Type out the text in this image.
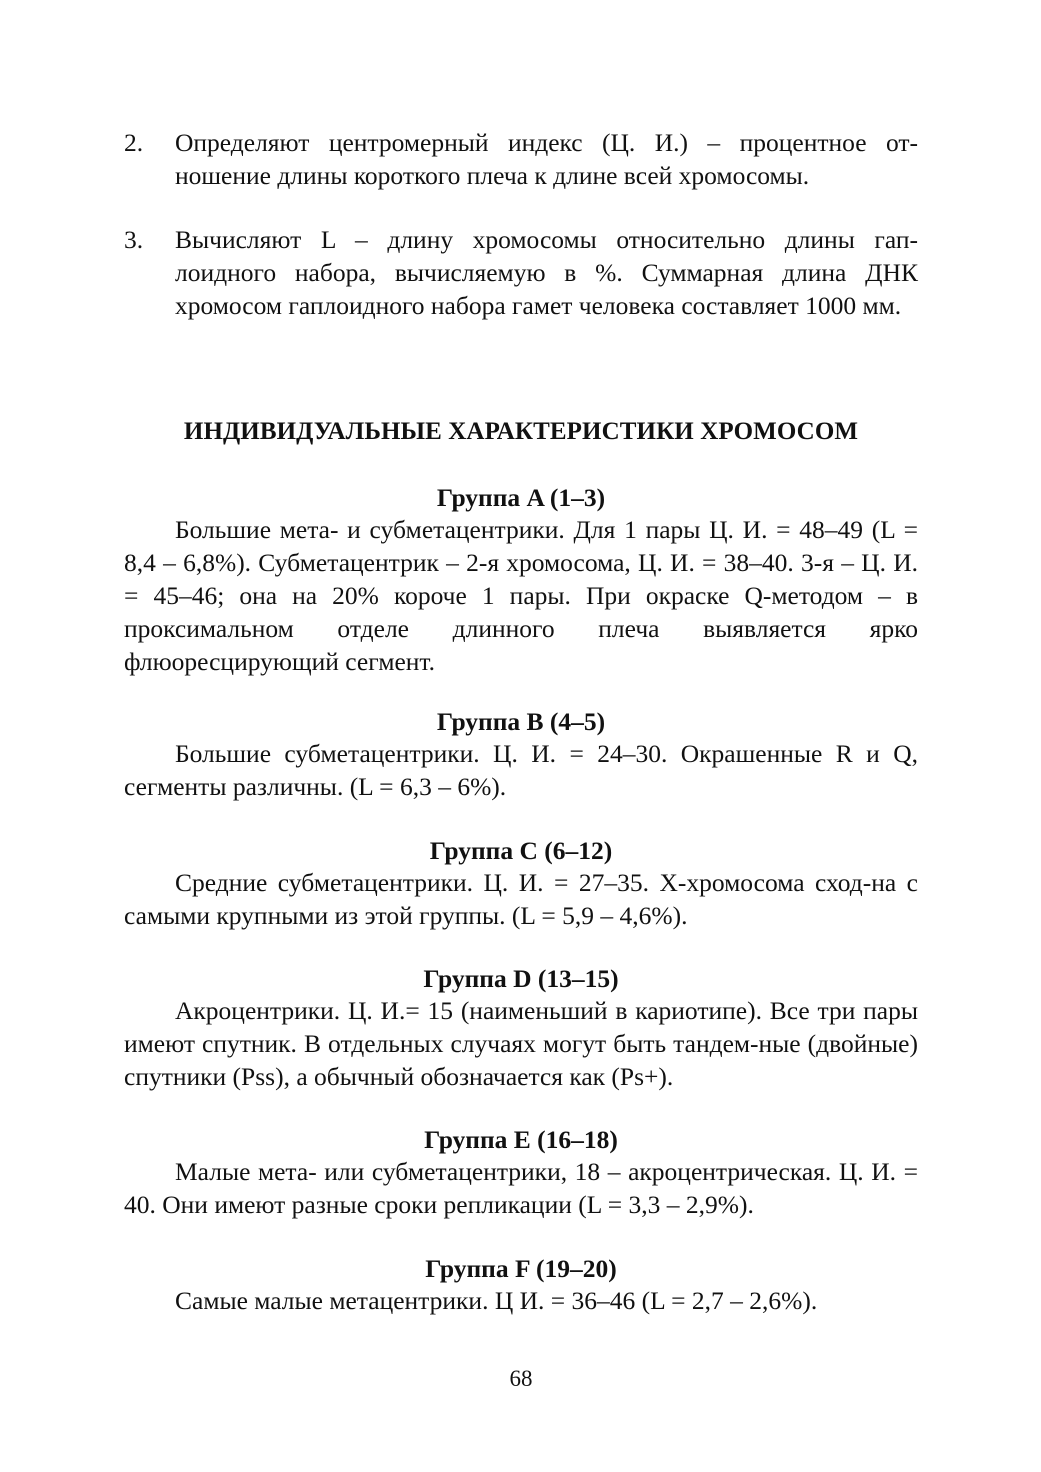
2.	Определяют центромерный индекс (Ц. И.) – процентное от-ношение длины короткого плеча к длине всей хромосомы.
3.	Вычисляют L – длину хромосомы относительно длины гап-лоидного набора, вычисляемую в %. Суммарная длина ДНК хромосом гаплоидного набора гамет человека составляет 1000 мм.
ИНДИВИДУАЛЬНЫЕ ХАРАКТЕРИСТИКИ ХРОМОСОМ
Группа A (1–3)

Большие мета- и субметацентрики. Для 1 пары Ц. И. = 48–49 (L = 8,4 – 6,8%). Субметацентрик – 2-я хромосома, Ц. И. = 38–40. 3-я – Ц. И. = 45–46; она на 20% короче 1 пары. При окраске Q-методом – в проксимальном отделе длинного плеча выявляется ярко флюоресцирующий сегмент.

Группа B (4–5)

Большие субметацентрики. Ц. И. = 24–30. Окрашенные R и Q, сегменты различны. (L = 6,3 – 6%).

Группа C (6–12)

Средние субметацентрики. Ц. И. = 27–35. Х-хромосома сход-на с самыми крупными из этой группы. (L = 5,9 – 4,6%).

Группа D (13–15)

Акроцентрики. Ц. И.= 15 (наименьший в кариотипе). Все три пары имеют спутник. В отдельных случаях могут быть тандем-ные (двойные) спутники (Pss), а обычный обозначается как (Ps+).

Группа E (16–18)

Малые мета- или субметацентрики, 18 – акроцентрическая. Ц. И. = 40. Они имеют разные сроки репликации (L = 3,3 – 2,9%).

Группа F (19–20)

Самые малые метацентрики. Ц И. = 36–46 (L = 2,7 – 2,6%).

68
